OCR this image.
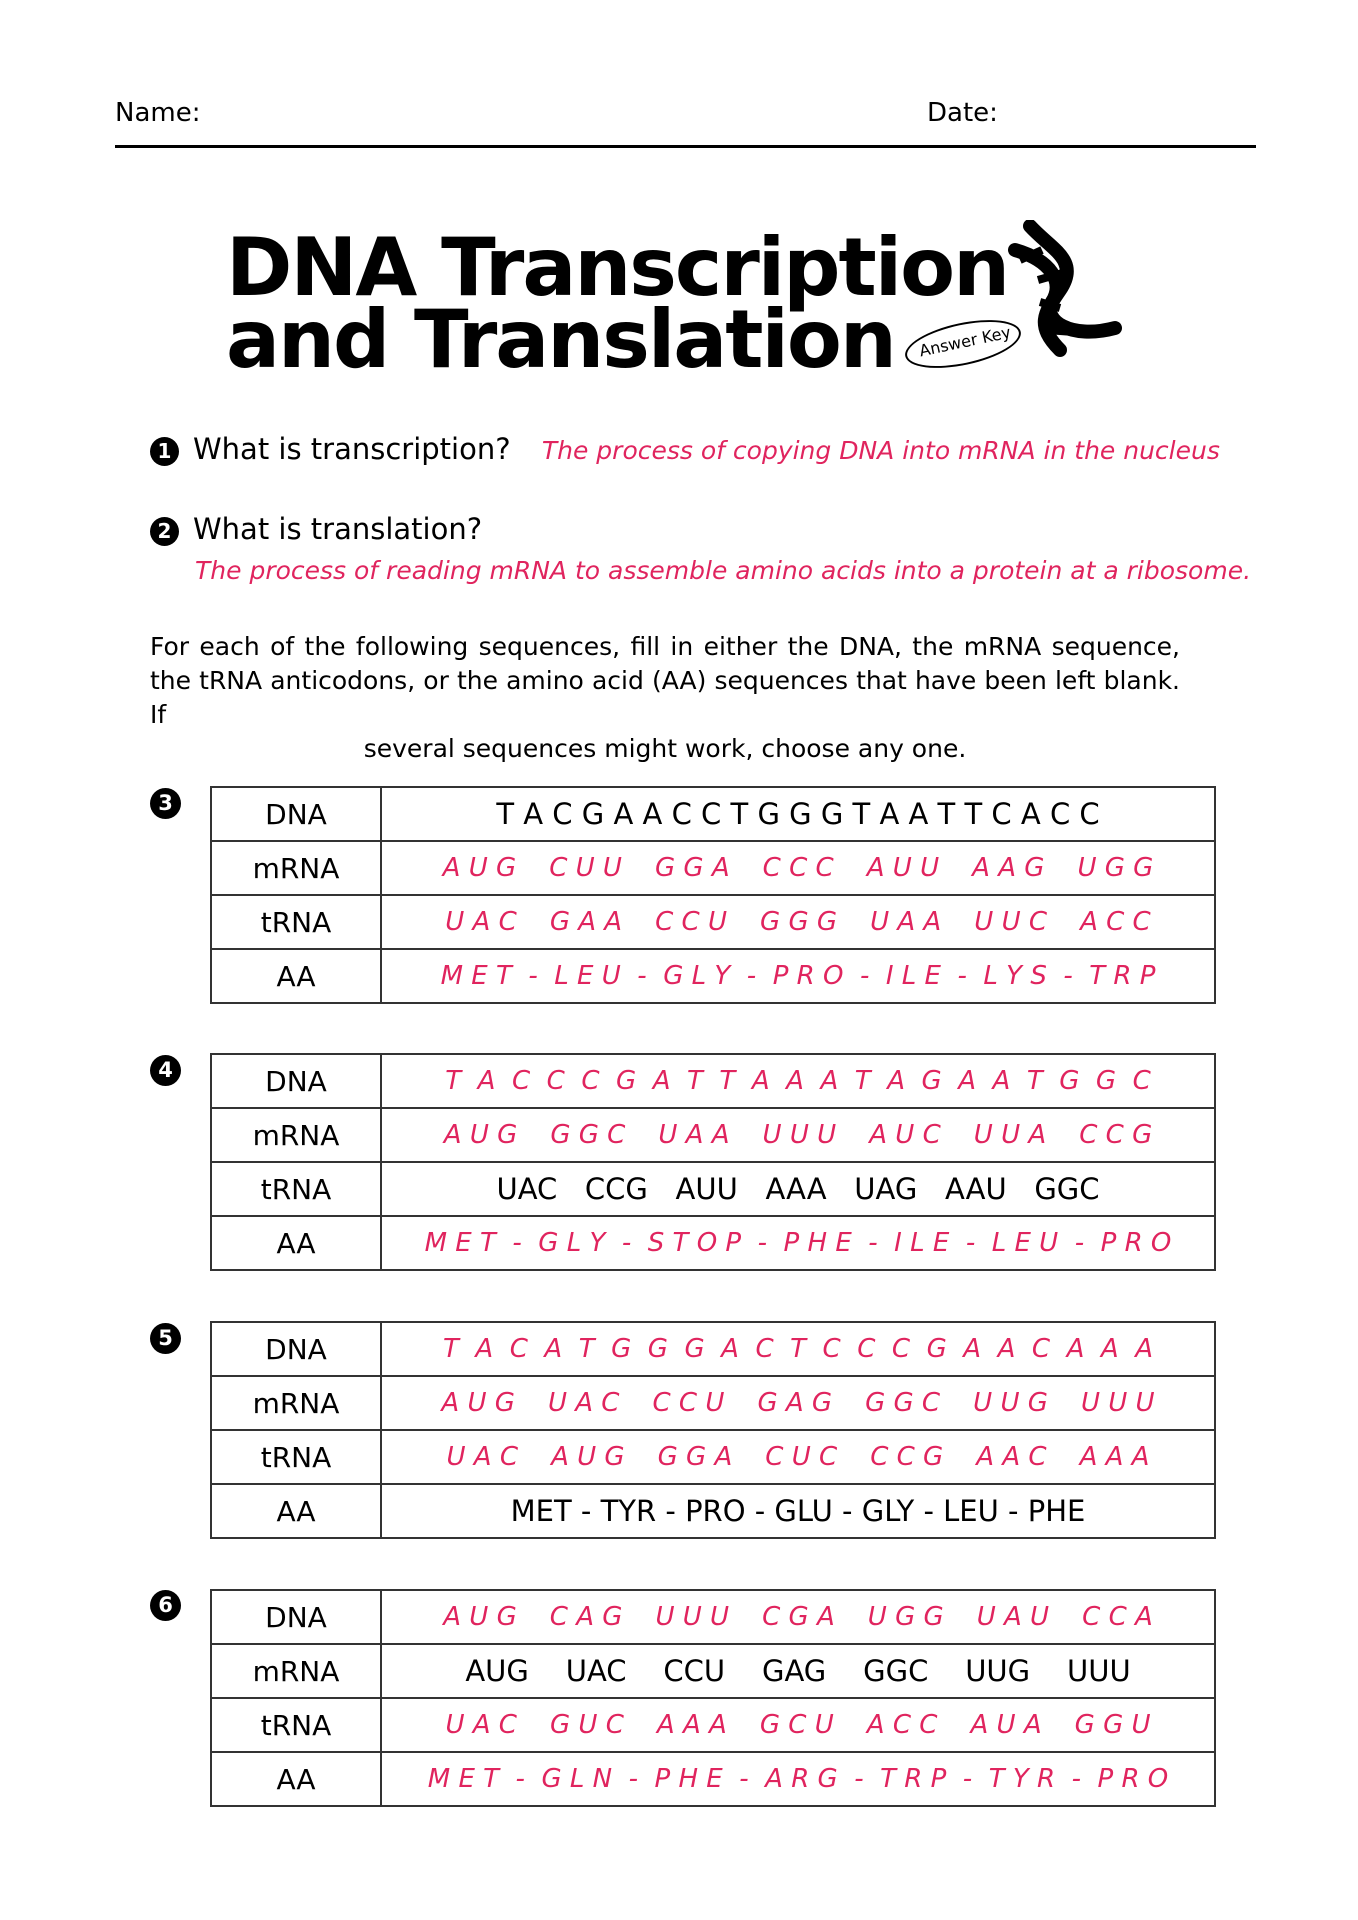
Name:	Date:
DNA Transcription
and Translation	Answer Key
1 What is transcription? The process of copying DNA into mRNA in the nucleus
2 What is translation?
The process of reading mRNA to assemble amino acids into a protein at a ribosome.
For each of the following sequences, fill in either the DNA, the mRNA sequence, the tRNA anticodons, or the amino acid (AA) sequences that have been left blank. If
several sequences might work, choose any one.
3	DNA	T A C G A A C C T G G G T A A T T C A C C
mRNA	A U G    C U U    G G A    C C C    A U U    A A G    U G G
tRNA	U A C    G A A    C C U    G G G    U A A    U U C    A C C
AA	M E T  -  L E U  -  G L Y  -  P R O  -  I L E  -  L Y S  -  T R P
4	DNA	T  A  C  C  C  G  A  T  T  A  A  A  T  A  G  A  A  T  G  G  C
mRNA	A U G    G G C    U A A    U U U    A U C    U U A    C C G
tRNA	UAC   CCG   AUU   AAA   UAG   AAU   GGC
AA	M E T  -  G L Y  -  S T O P  -  P H E  -  I L E  -  L E U  -  P R O
5	DNA	T  A  C  A  T  G  G  G  A  C  T  C  C  C  G  A  A  C  A  A  A
mRNA	A U G    U A C    C C U    G A G    G G C    U U G    U U U
tRNA	U A C    A U G    G G A    C U C    C C G    A A C    A A A
AA	MET - TYR - PRO - GLU - GLY - LEU - PHE
6	DNA	A U G    C A G    U U U    C G A    U G G    U A U    C C A
mRNA	AUG    UAC    CCU    GAG    GGC    UUG    UUU
tRNA	U A C    G U C    A A A    G C U    A C C    A U A    G G U
AA	M E T  -  G L N  -  P H E  -  A R G  -  T R P  -  T Y R  -  P R O
